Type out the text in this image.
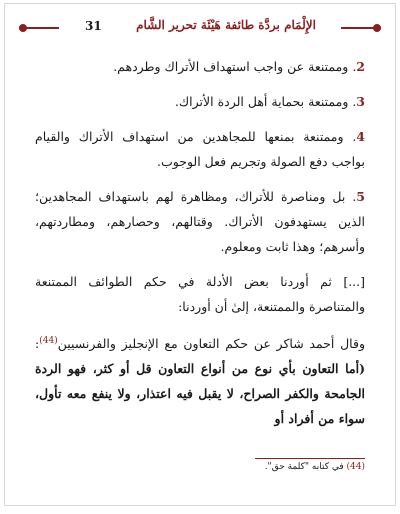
31	الإِلْمَام بردَّة طائفة هَيْئَة تحرير الشَّام

2. وممتنعة عن واجب استهداف الأتراك وطردهم.

3. وممتنعة بحماية أهل الردة الأتراك.

4. وممتنعة بمنعها للمجاهدين من استهداف الأتراك والقيام بواجب دفع الصولة وتجريم فعل الوجوب.

5. بل ومناصرة للأتراك، ومظاهرة لهم باستهداف المجاهدين؛ الذين يستهدفون الأتراك. وقتالهم، وحصارهم، ومطاردتهم، وأسرهم؛ وهذا ثابت ومعلوم.

[...] ثم أوردنا بعض الأدلة في حكم الطوائف الممتنعة والمتناصرة والممتنعة، إلىٰ أن أوردنا:

وقال أحمد شاكر عن حكم التعاون مع الإنجليز والفرنسيين$^{(44)}$: (أما التعاون بأي نوع من أنواع التعاون قل أو كثر، فهو الردة الجامحة والكفر الصراح، لا يقبل فيه اعتذار، ولا ينفع معه تأول، سواء من أفراد أو

(44) في كتابه "كلمة حق".
